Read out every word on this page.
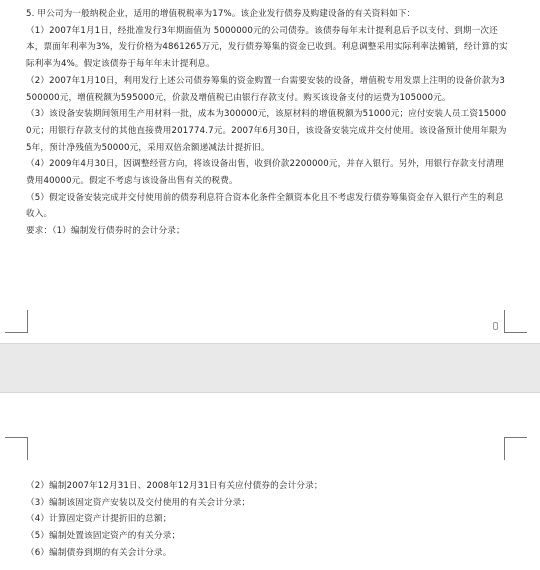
5. 甲公司为一般纳税企业，适用的增值税税率为17%。该企业发行债券及购建设备的有关资料如下：

（1）2007年1月1日，经批准发行3年期面值为 5000000元的公司债券。该债券每年末计提利息后予以支付、到期一次还本，票面年利率为3%，发行价格为4861265万元，发行债券筹集的资金已收到。利息调整采用实际利率法摊销，经计算的实际利率为4%。假定该债券于每年年末计提利息。

（2）2007年1月10日，利用发行上述公司债券筹集的资金购置一台需要安装的设备，增值税专用发票上注明的设备价款为3500000元，增值税额为595000元，价款及增值税已由银行存款支付。购买该设备支付的运费为105000元。

（3）该设备安装期间领用生产用材料一批，成本为300000元，该原材料的增值税额为51000元；应付安装人员工资150000元；用银行存款支付的其他直接费用201774.7元。2007年6月30日，该设备安装完成并交付使用。该设备预计使用年限为5年，预计净残值为50000元，采用双倍余额递减法计提折旧。

（4）2009年4月30日，因调整经营方向，将该设备出售，收到价款2200000元，并存入银行。另外，用银行存款支付清理费用40000元。假定不考虑与该设备出售有关的税费。

（5）假定设备安装完成并交付使用前的债券利息符合资本化条件全额资本化且不考虑发行债券筹集资金存入银行产生的利息收入。

要求：（1）编制发行债券时的会计分录；

（2）编制2007年12月31日、2008年12月31日有关应付债券的会计分录；

（3）编制该固定资产安装以及交付使用的有关会计分录；

（4）计算固定资产计提折旧的总额；

（5）编制处置该固定资产的有关分录；

（6）编制债券到期的有关会计分录。
